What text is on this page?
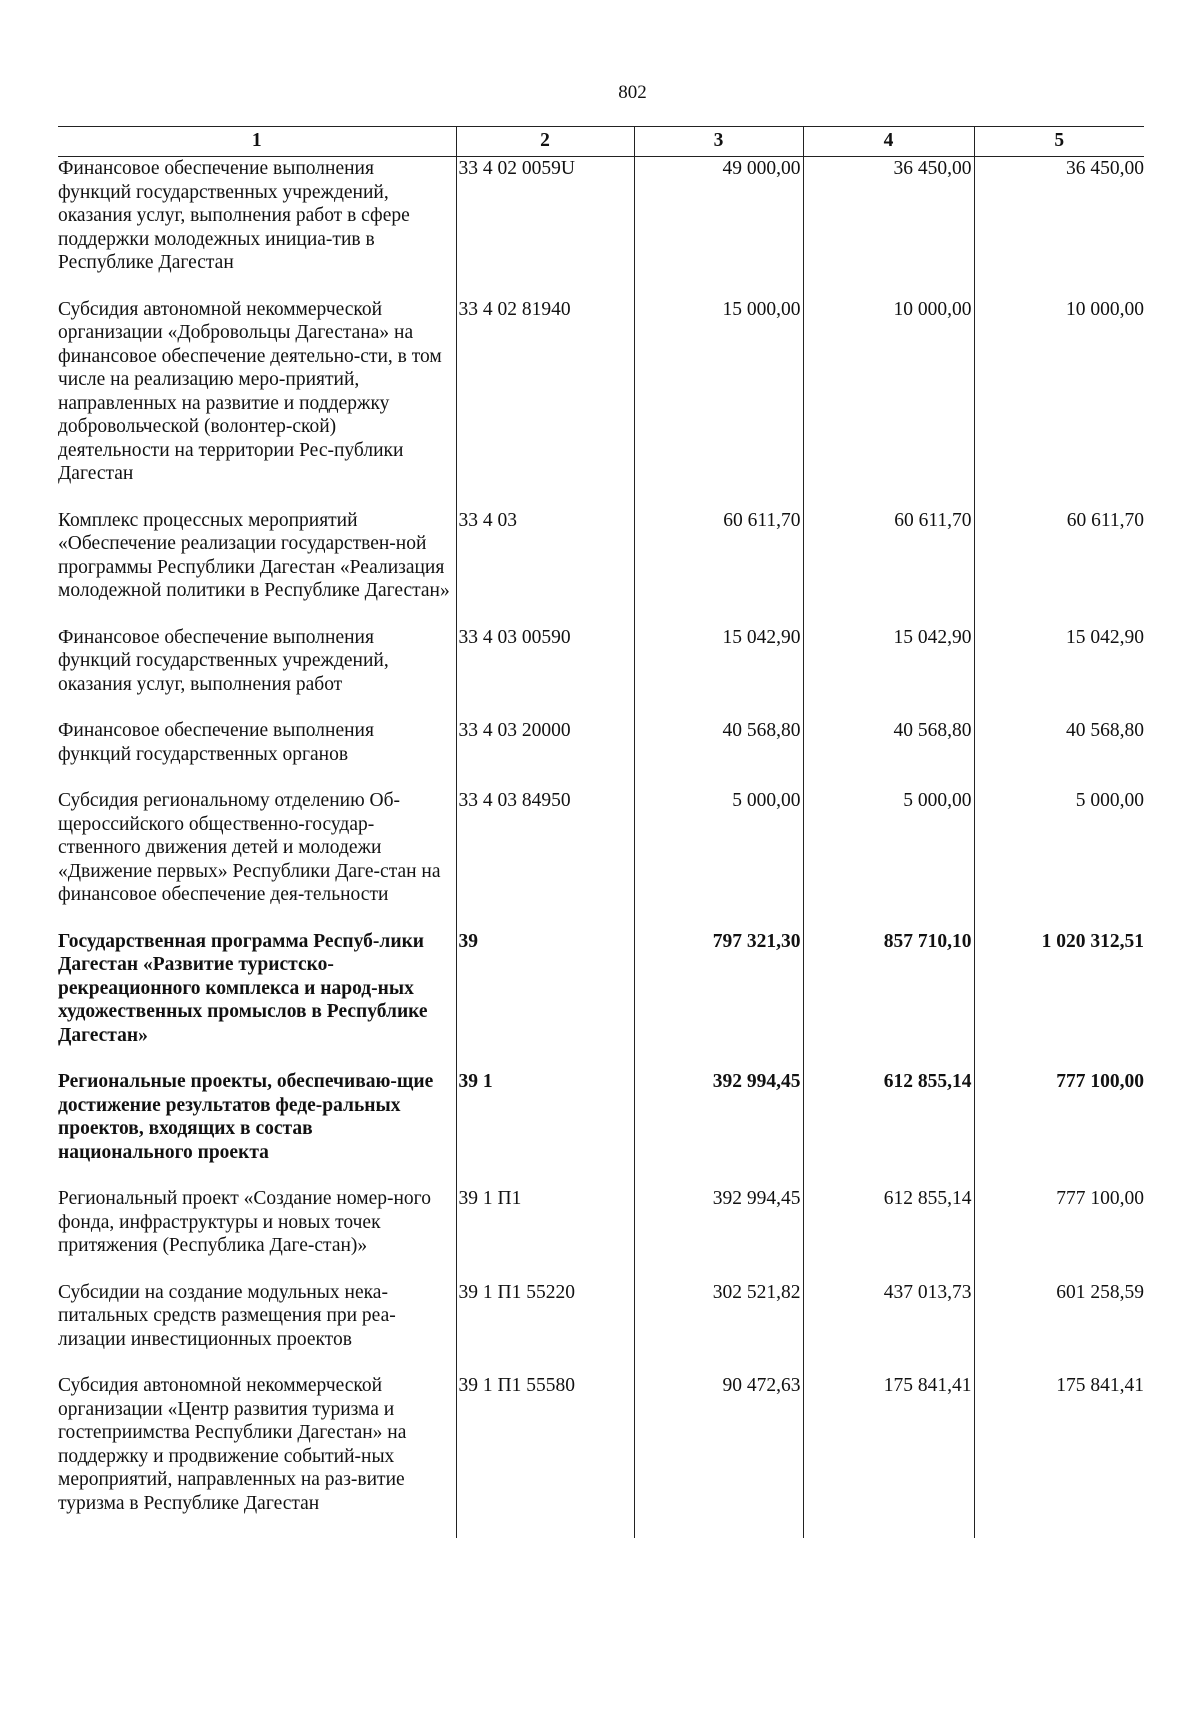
802
1	2	3	4	5
Финансовое обеспечение выполнения функций государственных учреждений, оказания услуг, выполнения работ в сфере поддержки молодежных инициа-тив в Республике Дагестан	33 4 02 0059U	49 000,00	36 450,00	36 450,00
Субсидия автономной некоммерческой организации «Добровольцы Дагестана» на финансовое обеспечение деятельно-сти, в том числе на реализацию меро-приятий, направленных на развитие и поддержку добровольческой (волонтер-ской) деятельности на территории Рес-публики Дагестан	33 4 02 81940	15 000,00	10 000,00	10 000,00
Комплекс процессных мероприятий «Обеспечение реализации государствен-ной программы Республики Дагестан «Реализация молодежной политики в Республике Дагестан»	33 4 03	60 611,70	60 611,70	60 611,70
Финансовое обеспечение выполнения функций государственных учреждений, оказания услуг, выполнения работ	33 4 03 00590	15 042,90	15 042,90	15 042,90
Финансовое обеспечение выполнения функций государственных органов	33 4 03 20000	40 568,80	40 568,80	40 568,80
Субсидия региональному отделению Об-щероссийского общественно-государ-ственного движения детей и молодежи «Движение первых» Республики Даге-стан на финансовое обеспечение дея-тельности	33 4 03 84950	5 000,00	5 000,00	5 000,00
Государственная программа Респуб-лики Дагестан «Развитие туристско-рекреационного комплекса и народ-ных художественных промыслов в Республике Дагестан»	39	797 321,30	857 710,10	1 020 312,51
Региональные проекты, обеспечиваю-щие достижение результатов феде-ральных проектов, входящих в состав национального проекта	39 1	392 994,45	612 855,14	777 100,00
Региональный проект «Создание номер-ного фонда, инфраструктуры и новых точек притяжения (Республика Даге-стан)»	39 1 П1	392 994,45	612 855,14	777 100,00
Субсидии на создание модульных нека-питальных средств размещения при реа-лизации инвестиционных проектов	39 1 П1 55220	302 521,82	437 013,73	601 258,59
Субсидия автономной некоммерческой организации «Центр развития туризма и гостеприимства Республики Дагестан» на поддержку и продвижение событий-ных мероприятий, направленных на раз-витие туризма в Республике Дагестан	39 1 П1 55580	90 472,63	175 841,41	175 841,41
